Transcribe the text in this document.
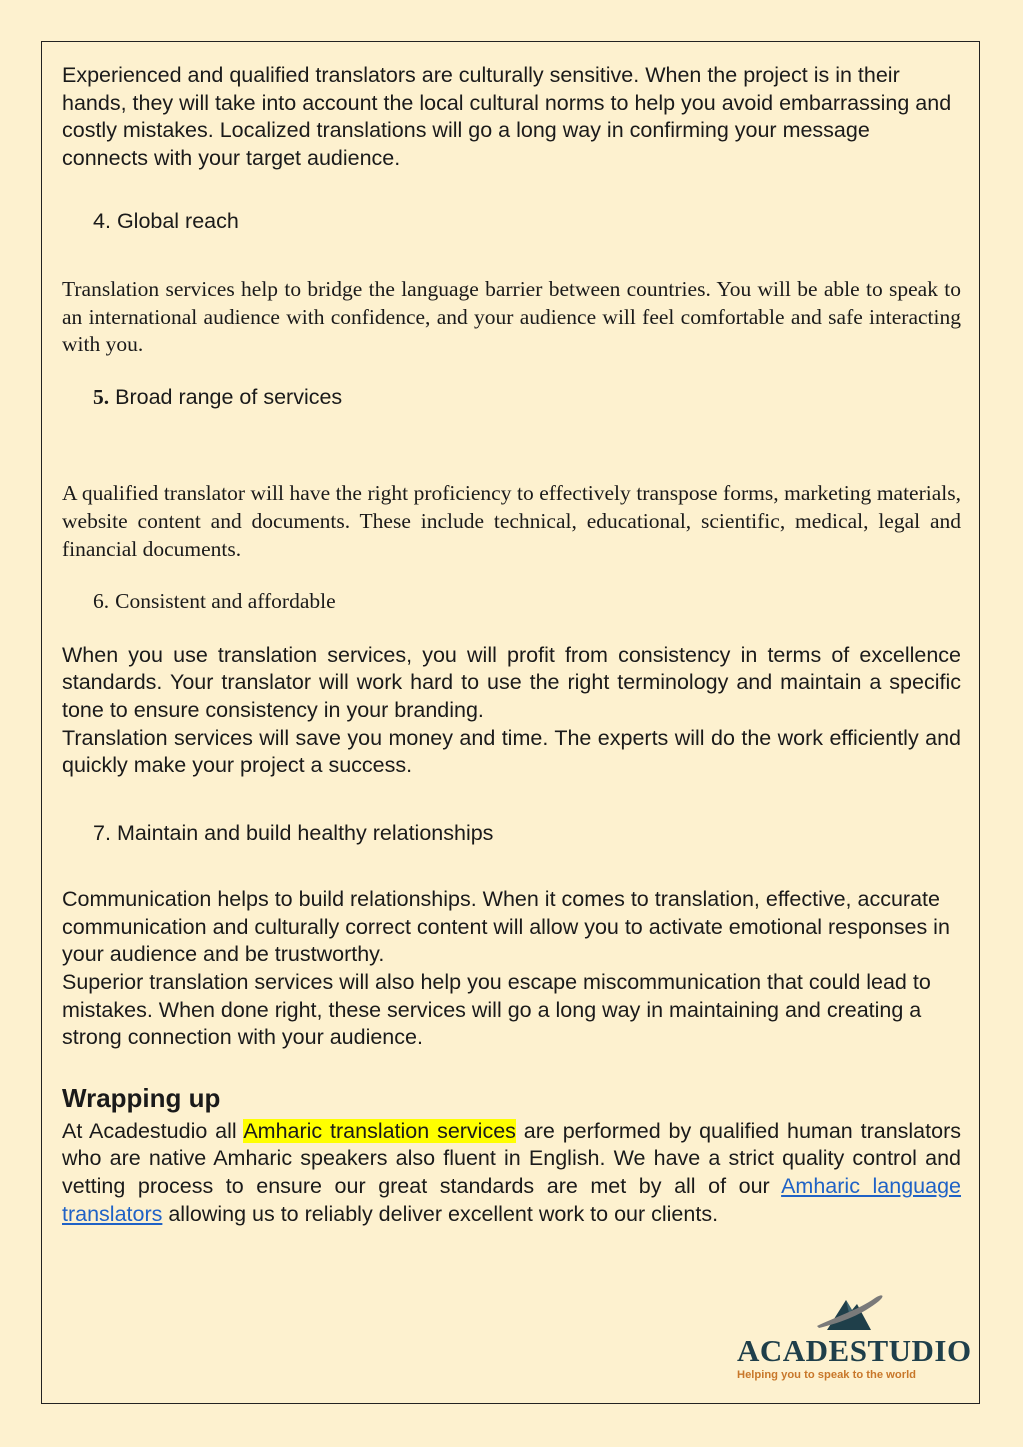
Experienced and qualified translators are culturally sensitive. When the project is in their hands, they will take into account the local cultural norms to help you avoid embarrassing and costly mistakes. Localized translations will go a long way in confirming your message connects with your target audience.

4. Global reach

Translation services help to bridge the language barrier between countries. You will be able to speak to an international audience with confidence, and your audience will feel comfortable and safe interacting with you.

5. Broad range of services

A qualified translator will have the right proficiency to effectively transpose forms, marketing materials, website content and documents. These include technical, educational, scientific, medical, legal and financial documents.

6. Consistent and affordable

When you use translation services, you will profit from consistency in terms of excellence standards. Your translator will work hard to use the right terminology and maintain a specific tone to ensure consistency in your branding.

Translation services will save you money and time. The experts will do the work efficiently and quickly make your project a success.

7. Maintain and build healthy relationships

Communication helps to build relationships. When it comes to translation, effective, accurate communication and culturally correct content will allow you to activate emotional responses in your audience and be trustworthy.

Superior translation services will also help you escape miscommunication that could lead to mistakes. When done right, these services will go a long way in maintaining and creating a strong connection with your audience.

Wrapping up

At Acadestudio all Amharic translation services are performed by qualified human translators who are native Amharic speakers also fluent in English. We have a strict quality control and vetting process to ensure our great standards are met by all of our Amharic language translators allowing us to reliably deliver excellent work to our clients.

ACADESTUDIO

Helping you to speak to the world
